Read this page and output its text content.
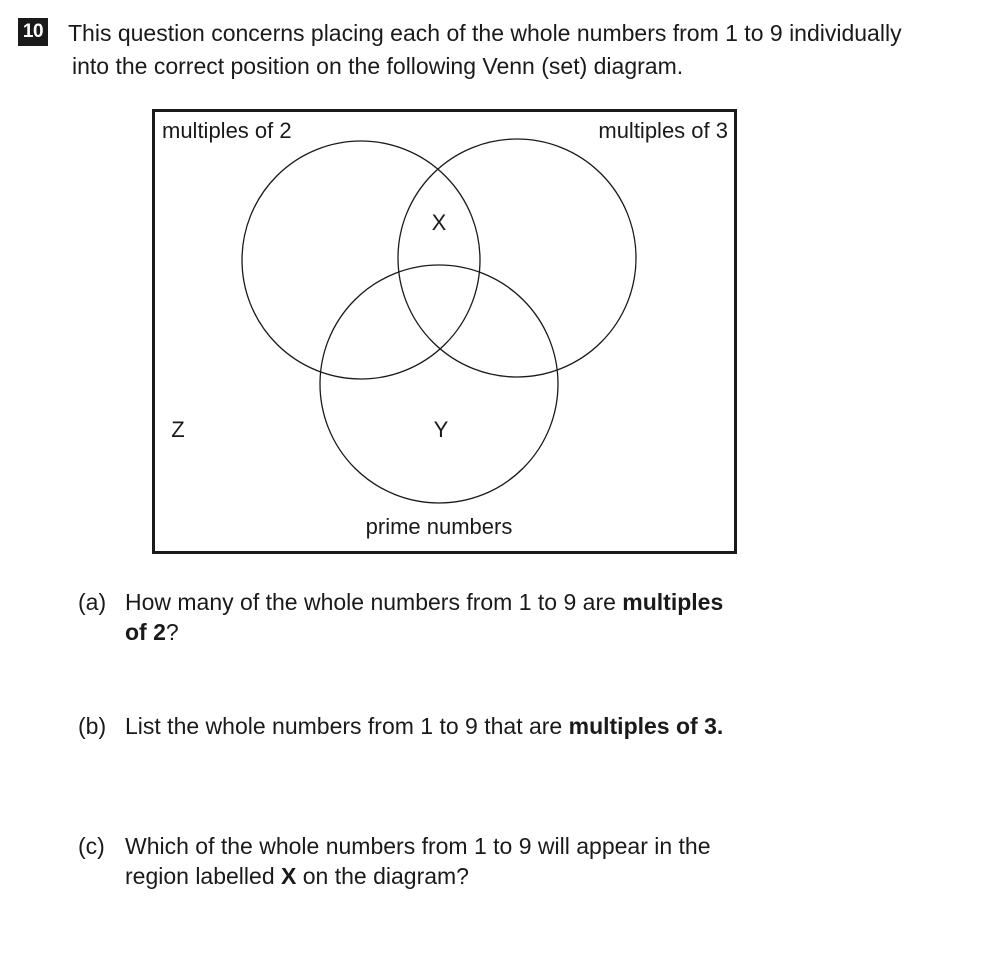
10 This question concerns placing each of the whole numbers from 1 to 9 individually

into the correct position on the following Venn (set) diagram.
multiples of 2	multiples of 3
prime numbers
X
Y
Z
(a) How many of the whole numbers from 1 to 9 are multiples
of 2?
(b) List the whole numbers from 1 to 9 that are multiples of 3.
(c) Which of the whole numbers from 1 to 9 will appear in the
region labelled X on the diagram?
